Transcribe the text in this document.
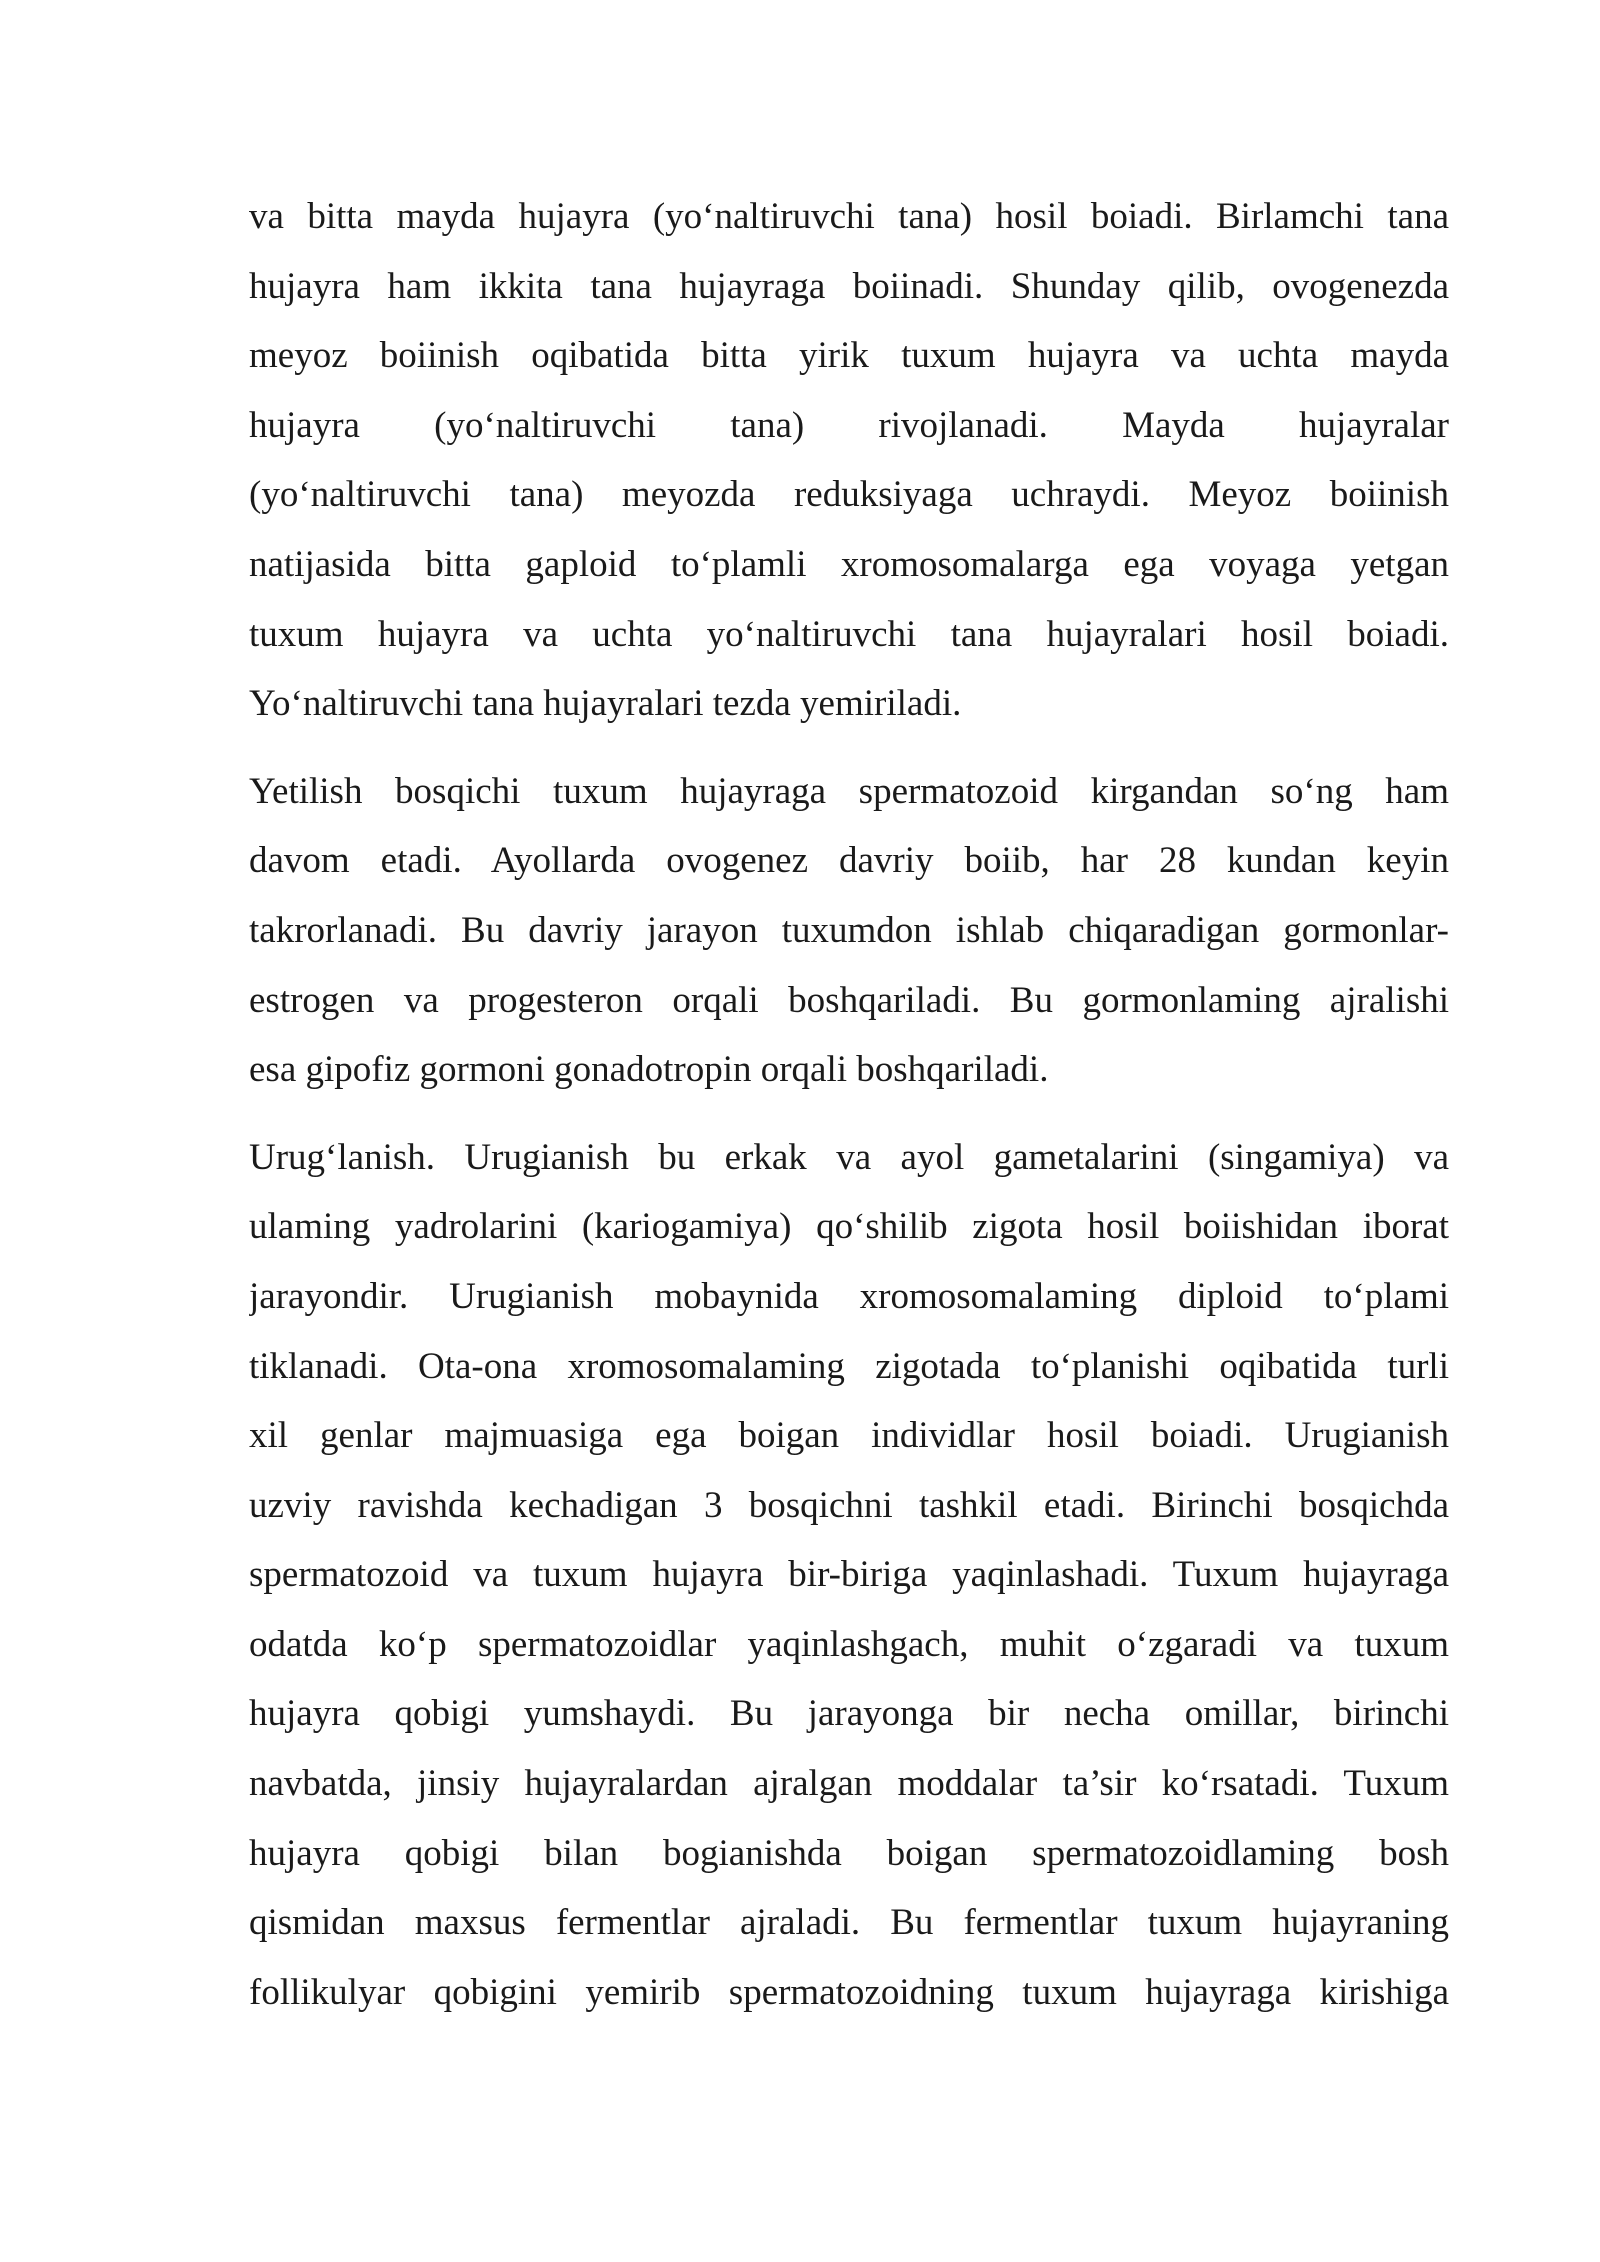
va bitta mayda hujayra (yo‘naltiruvchi tana) hosil boiadi. Birlamchi tana
hujayra ham ikkita tana hujayraga boiinadi. Shunday qilib, ovogenezda
meyoz boiinish oqibatida bitta yirik tuxum hujayra va uchta mayda
hujayra (yo‘naltiruvchi tana) rivojlanadi. Mayda hujayralar
(yo‘naltiruvchi tana) meyozda reduksiyaga uchraydi. Meyoz boiinish
natijasida bitta gaploid to‘plamli xromosomalarga ega voyaga yetgan
tuxum hujayra va uchta yo‘naltiruvchi tana hujayralari hosil boiadi.
Yo‘naltiruvchi tana hujayralari tezda yemiriladi.

Yetilish bosqichi tuxum hujayraga spermatozoid kirgandan so‘ng ham
davom etadi. Ayollarda ovogenez davriy boiib, har 28 kundan keyin
takrorlanadi. Bu davriy jarayon tuxumdon ishlab chiqaradigan gormonlar-
estrogen va progesteron orqali boshqariladi. Bu gormonlaming ajralishi
esa gipofiz gormoni gonadotropin orqali boshqariladi.

Urug‘lanish. Urugianish bu erkak va ayol gametalarini (singamiya) va
ulaming yadrolarini (kariogamiya) qo‘shilib zigota hosil boiishidan iborat
jarayondir. Urugianish mobaynida xromosomalaming diploid to‘plami
tiklanadi. Ota-ona xromosomalaming zigotada to‘planishi oqibatida turli
xil genlar majmuasiga ega boigan individlar hosil boiadi. Urugianish
uzviy ravishda kechadigan 3 bosqichni tashkil etadi. Birinchi bosqichda
spermatozoid va tuxum hujayra bir-biriga yaqinlashadi. Tuxum hujayraga
odatda ko‘p spermatozoidlar yaqinlashgach, muhit o‘zgaradi va tuxum
hujayra qobigi yumshaydi. Bu jarayonga bir necha omillar, birinchi
navbatda, jinsiy hujayralardan ajralgan moddalar ta’sir ko‘rsatadi. Tuxum
hujayra qobigi bilan bogianishda boigan spermatozoidlaming bosh
qismidan maxsus fermentlar ajraladi. Bu fermentlar tuxum hujayraning
follikulyar qobigini yemirib spermatozoidning tuxum hujayraga kirishiga
